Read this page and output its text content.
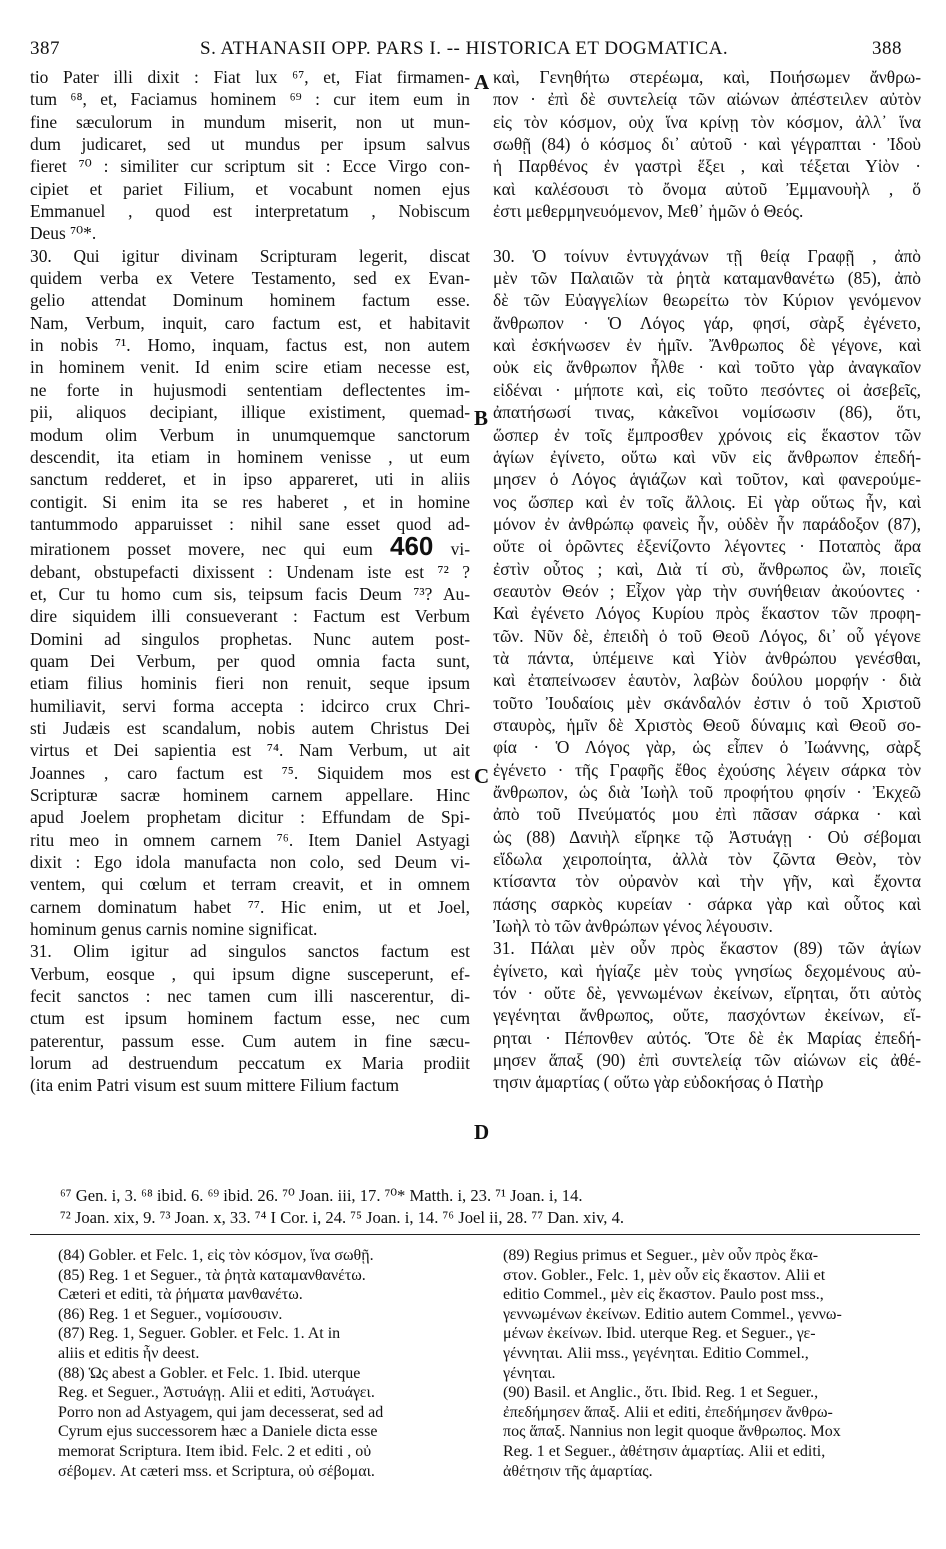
387	S. ATHANASII OPP. PARS I. -- HISTORICA ET DOGMATICA.	388
tio Pater illi dixit : Fiat lux ⁶⁷, et, Fiat firmamen-
tum ⁶⁸, et, Faciamus hominem ⁶⁹ : cur item eum in
fine sæculorum in mundum miserit, non ut mun-
dum judicaret, sed ut mundus per ipsum salvus
fieret ⁷⁰ : similiter cur scriptum sit : Ecce Virgo con-
cipiet et pariet Filium, et vocabunt nomen ejus
Emmanuel , quod est interpretatum , Nobiscum
Deus ⁷⁰*.
30. Qui igitur divinam Scripturam legerit, discat
quidem verba ex Vetere Testamento, sed ex Evan-
gelio attendat Dominum hominem factum esse.
Nam, Verbum, inquit, caro factum est, et habitavit
in nobis ⁷¹. Homo, inquam, factus est, non autem
in hominem venit. Id enim scire etiam necesse est,
ne forte in hujusmodi sententiam deflectentes im-
pii, aliquos decipiant, illique existiment, quemad-
modum olim Verbum in unumquemque sanctorum
descendit, ita etiam in hominem venisse , ut eum
sanctum redderet, et in ipso appareret, uti in aliis
contigit. Si enim ita se res haberet , et in homine
tantummodo apparuisset : nihil sane esset quod ad-
mirationem posset movere, nec qui eum 460 vi-
debant, obstupefacti dixissent : Undenam iste est ⁷² ?
et, Cur tu homo cum sis, teipsum facis Deum ⁷³? Au-
dire siquidem illi consueverant : Factum est Verbum
Domini ad singulos prophetas. Nunc autem post-
quam Dei Verbum, per quod omnia facta sunt,
etiam filius hominis fieri non renuit, seque ipsum
humiliavit, servi forma accepta : idcirco crux Chri-
sti Judæis est scandalum, nobis autem Christus Dei
virtus et Dei sapientia est ⁷⁴. Nam Verbum, ut ait
Joannes , caro factum est ⁷⁵. Siquidem mos est
Scripturæ sacræ hominem carnem appellare. Hinc
apud Joelem prophetam dicitur : Effundam de Spi-
ritu meo in omnem carnem ⁷⁶. Item Daniel Astyagi
dixit : Ego idola manufacta non colo, sed Deum vi-
ventem, qui cœlum et terram creavit, et in omnem
carnem dominatum habet ⁷⁷. Hic enim, ut et Joel,
hominum genus carnis nomine significat.
31. Olim igitur ad singulos sanctos factum est
Verbum, eosque , qui ipsum digne susceperunt, ef-
fecit sanctos : nec tamen cum illi nascerentur, di-
ctum est ipsum hominem factum esse, nec cum
paterentur, passum esse. Cum autem in fine sæcu-
lorum ad destruendum peccatum ex Maria prodiit
(ita enim Patri visum est suum mittere Filium factum
καὶ, Γενηθήτω στερέωμα, καὶ, Ποιήσωμεν ἄνθρω-
πον · ἐπὶ δὲ συντελείᾳ τῶν αἰώνων ἀπέστειλεν αὐτὸν
εἰς τὸν κόσμον, οὐχ ἵνα κρίνῃ τὸν κόσμον, ἀλλ᾽ ἵνα
σωθῇ (84) ὁ κόσμος δι᾽ αὐτοῦ · καὶ γέγραπται · Ἰδοὺ
ἡ Παρθένος ἐν γαστρὶ ἕξει , καὶ τέξεται Υἱὸν ·
καὶ καλέσουσι τὸ ὄνομα αὐτοῦ Ἐμμανουὴλ , ὅ
ἐστι μεθερμηνευόμενον, Μεθ᾽ ἡμῶν ὁ Θεός.

30. Ὁ τοίνυν ἐντυγχάνων τῇ θείᾳ Γραφῇ , ἀπὸ
μὲν τῶν Παλαιῶν τὰ ῥητὰ καταμανθανέτω (85), ἀπὸ
δὲ τῶν Εὐαγγελίων θεωρείτω τὸν Κύριον γενόμενον
ἄνθρωπον · Ὁ Λόγος γάρ, φησί, σὰρξ ἐγένετο,
καὶ ἐσκήνωσεν ἐν ἡμῖν. Ἄνθρωπος δὲ γέγονε, καὶ
οὐκ εἰς ἄνθρωπον ἦλθε · καὶ τοῦτο γὰρ ἀναγκαῖον
εἰδέναι · μήποτε καὶ, εἰς τοῦτο πεσόντες οἱ ἀσεβεῖς,
ἀπατήσωσί τινας, κἀκεῖνοι νομίσωσιν (86), ὅτι,
ὥσπερ ἐν τοῖς ἔμπροσθεν χρόνοις εἰς ἕκαστον τῶν
ἁγίων ἐγίνετο, οὕτω καὶ νῦν εἰς ἄνθρωπον ἐπεδή-
μησεν ὁ Λόγος ἁγιάζων καὶ τοῦτον, καὶ φανερούμε-
νος ὥσπερ καὶ ἐν τοῖς ἄλλοις. Εἰ γὰρ οὕτως ἦν, καὶ
μόνον ἐν ἀνθρώπῳ φανεὶς ἦν, οὐδὲν ἦν παράδοξον (87),
οὔτε οἱ ὁρῶντες ἐξενίζοντο λέγοντες · Ποταπὸς ἄρα
ἐστὶν οὗτος ; καὶ, Διὰ τί σὺ, ἄνθρωπος ὢν, ποιεῖς
σεαυτὸν Θεόν ; Εἶχον γὰρ τὴν συνήθειαν ἀκούοντες ·
Καὶ ἐγένετο Λόγος Κυρίου πρὸς ἕκαστον τῶν προφη-
τῶν. Νῦν δὲ, ἐπειδὴ ὁ τοῦ Θεοῦ Λόγος, δι᾽ οὗ γέγονε
τὰ πάντα, ὑπέμεινε καὶ Υἱὸν ἀνθρώπου γενέσθαι,
καὶ ἐταπείνωσεν ἑαυτὸν, λαβὼν δούλου μορφήν · διὰ
τοῦτο Ἰουδαίοις μὲν σκάνδαλόν ἐστιν ὁ τοῦ Χριστοῦ
σταυρὸς, ἡμῖν δὲ Χριστὸς Θεοῦ δύναμις καὶ Θεοῦ σο-
φία · Ὁ Λόγος γὰρ, ὡς εἶπεν ὁ Ἰωάννης, σὰρξ
ἐγένετο · τῆς Γραφῆς ἔθος ἐχούσης λέγειν σάρκα τὸν
ἄνθρωπον, ὡς διὰ Ἰωὴλ τοῦ προφήτου φησίν · Ἐκχεῶ
ἀπὸ τοῦ Πνεύματός μου ἐπὶ πᾶσαν σάρκα · καὶ
ὡς (88) Δανιὴλ εἴρηκε τῷ Ἀστυάγῃ · Οὐ σέβομαι
εἴδωλα χειροποίητα, ἀλλὰ τὸν ζῶντα Θεὸν, τὸν
κτίσαντα τὸν οὐρανὸν καὶ τὴν γῆν, καὶ ἔχοντα
πάσης σαρκὸς κυρείαν · σάρκα γὰρ καὶ οὗτος καὶ
Ἰωὴλ τὸ τῶν ἀνθρώπων γένος λέγουσιν.
31. Πάλαι μὲν οὖν πρὸς ἕκαστον (89) τῶν ἁγίων
ἐγίνετο, καὶ ἡγίαζε μὲν τοὺς γνησίως δεχομένους αὐ-
τόν · οὔτε δὲ, γεννωμένων ἐκείνων, εἴρηται, ὅτι αὐτὸς
γεγένηται ἄνθρωπος, οὔτε, πασχόντων ἐκείνων, εἴ-
ρηται · Πέπονθεν αὐτός. Ὅτε δὲ ἐκ Μαρίας ἐπεδή-
μησεν ἅπαξ (90) ἐπὶ συντελείᾳ τῶν αἰώνων εἰς ἀθέ-
τησιν ἁμαρτίας ( οὕτω γὰρ εὐδοκήσας ὁ Πατὴρ
A
B
C
D
⁶⁷ Gen. i, 3. ⁶⁸ ibid. 6. ⁶⁹ ibid. 26. ⁷⁰ Joan. iii, 17. ⁷⁰* Matth. i, 23. ⁷¹ Joan. i, 14.
⁷² Joan. xix, 9. ⁷³ Joan. x, 33. ⁷⁴ I Cor. i, 24. ⁷⁵ Joan. i, 14. ⁷⁶ Joel ii, 28. ⁷⁷ Dan. xiv, 4.
(84) Gobler. et Felc. 1, εἰς τὸν κόσμον, ἵνα σωθῇ.
(85) Reg. 1 et Seguer., τὰ ῥητὰ καταμανθανέτω.
Cæteri et editi, τὰ ῥήματα μανθανέτω.
(86) Reg. 1 et Seguer., νομίσουσιν.
(87) Reg. 1, Seguer. Gobler. et Felc. 1. At in
aliis et editis ἦν deest.
(88) Ὡς abest a Gobler. et Felc. 1. Ibid. uterque
Reg. et Seguer., Ἀστυάγῃ. Alii et editi, Ἀστυάγει.
Porro non ad Astyagem, qui jam decesserat, sed ad
Cyrum ejus successorem hæc a Daniele dicta esse
memorat Scriptura. Item ibid. Felc. 2 et editi , οὐ
σέβομεν. At cæteri mss. et Scriptura, οὐ σέβομαι.
(89) Regius primus et Seguer., μὲν οὖν πρὸς ἕκα-
στον. Gobler., Felc. 1, μὲν οὖν εἰς ἕκαστον. Alii et
editio Commel., μὲν εἰς ἕκαστον. Paulo post mss.,
γεννωμένων ἐκείνων. Editio autem Commel., γεννω-
μένων ἐκείνων. Ibid. uterque Reg. et Seguer., γε-
γέννηται. Alii mss., γεγένηται. Editio Commel.,
γένηται.
(90) Basil. et Anglic., ὅτι. Ibid. Reg. 1 et Seguer.,
ἐπεδήμησεν ἅπαξ. Alii et editi, ἐπεδήμησεν ἄνθρω-
πος ἅπαξ. Nannius non legit quoque ἄνθρωπος. Mox
Reg. 1 et Seguer., ἀθέτησιν ἁμαρτίας. Alii et editi,
ἀθέτησιν τῆς ἁμαρτίας.
